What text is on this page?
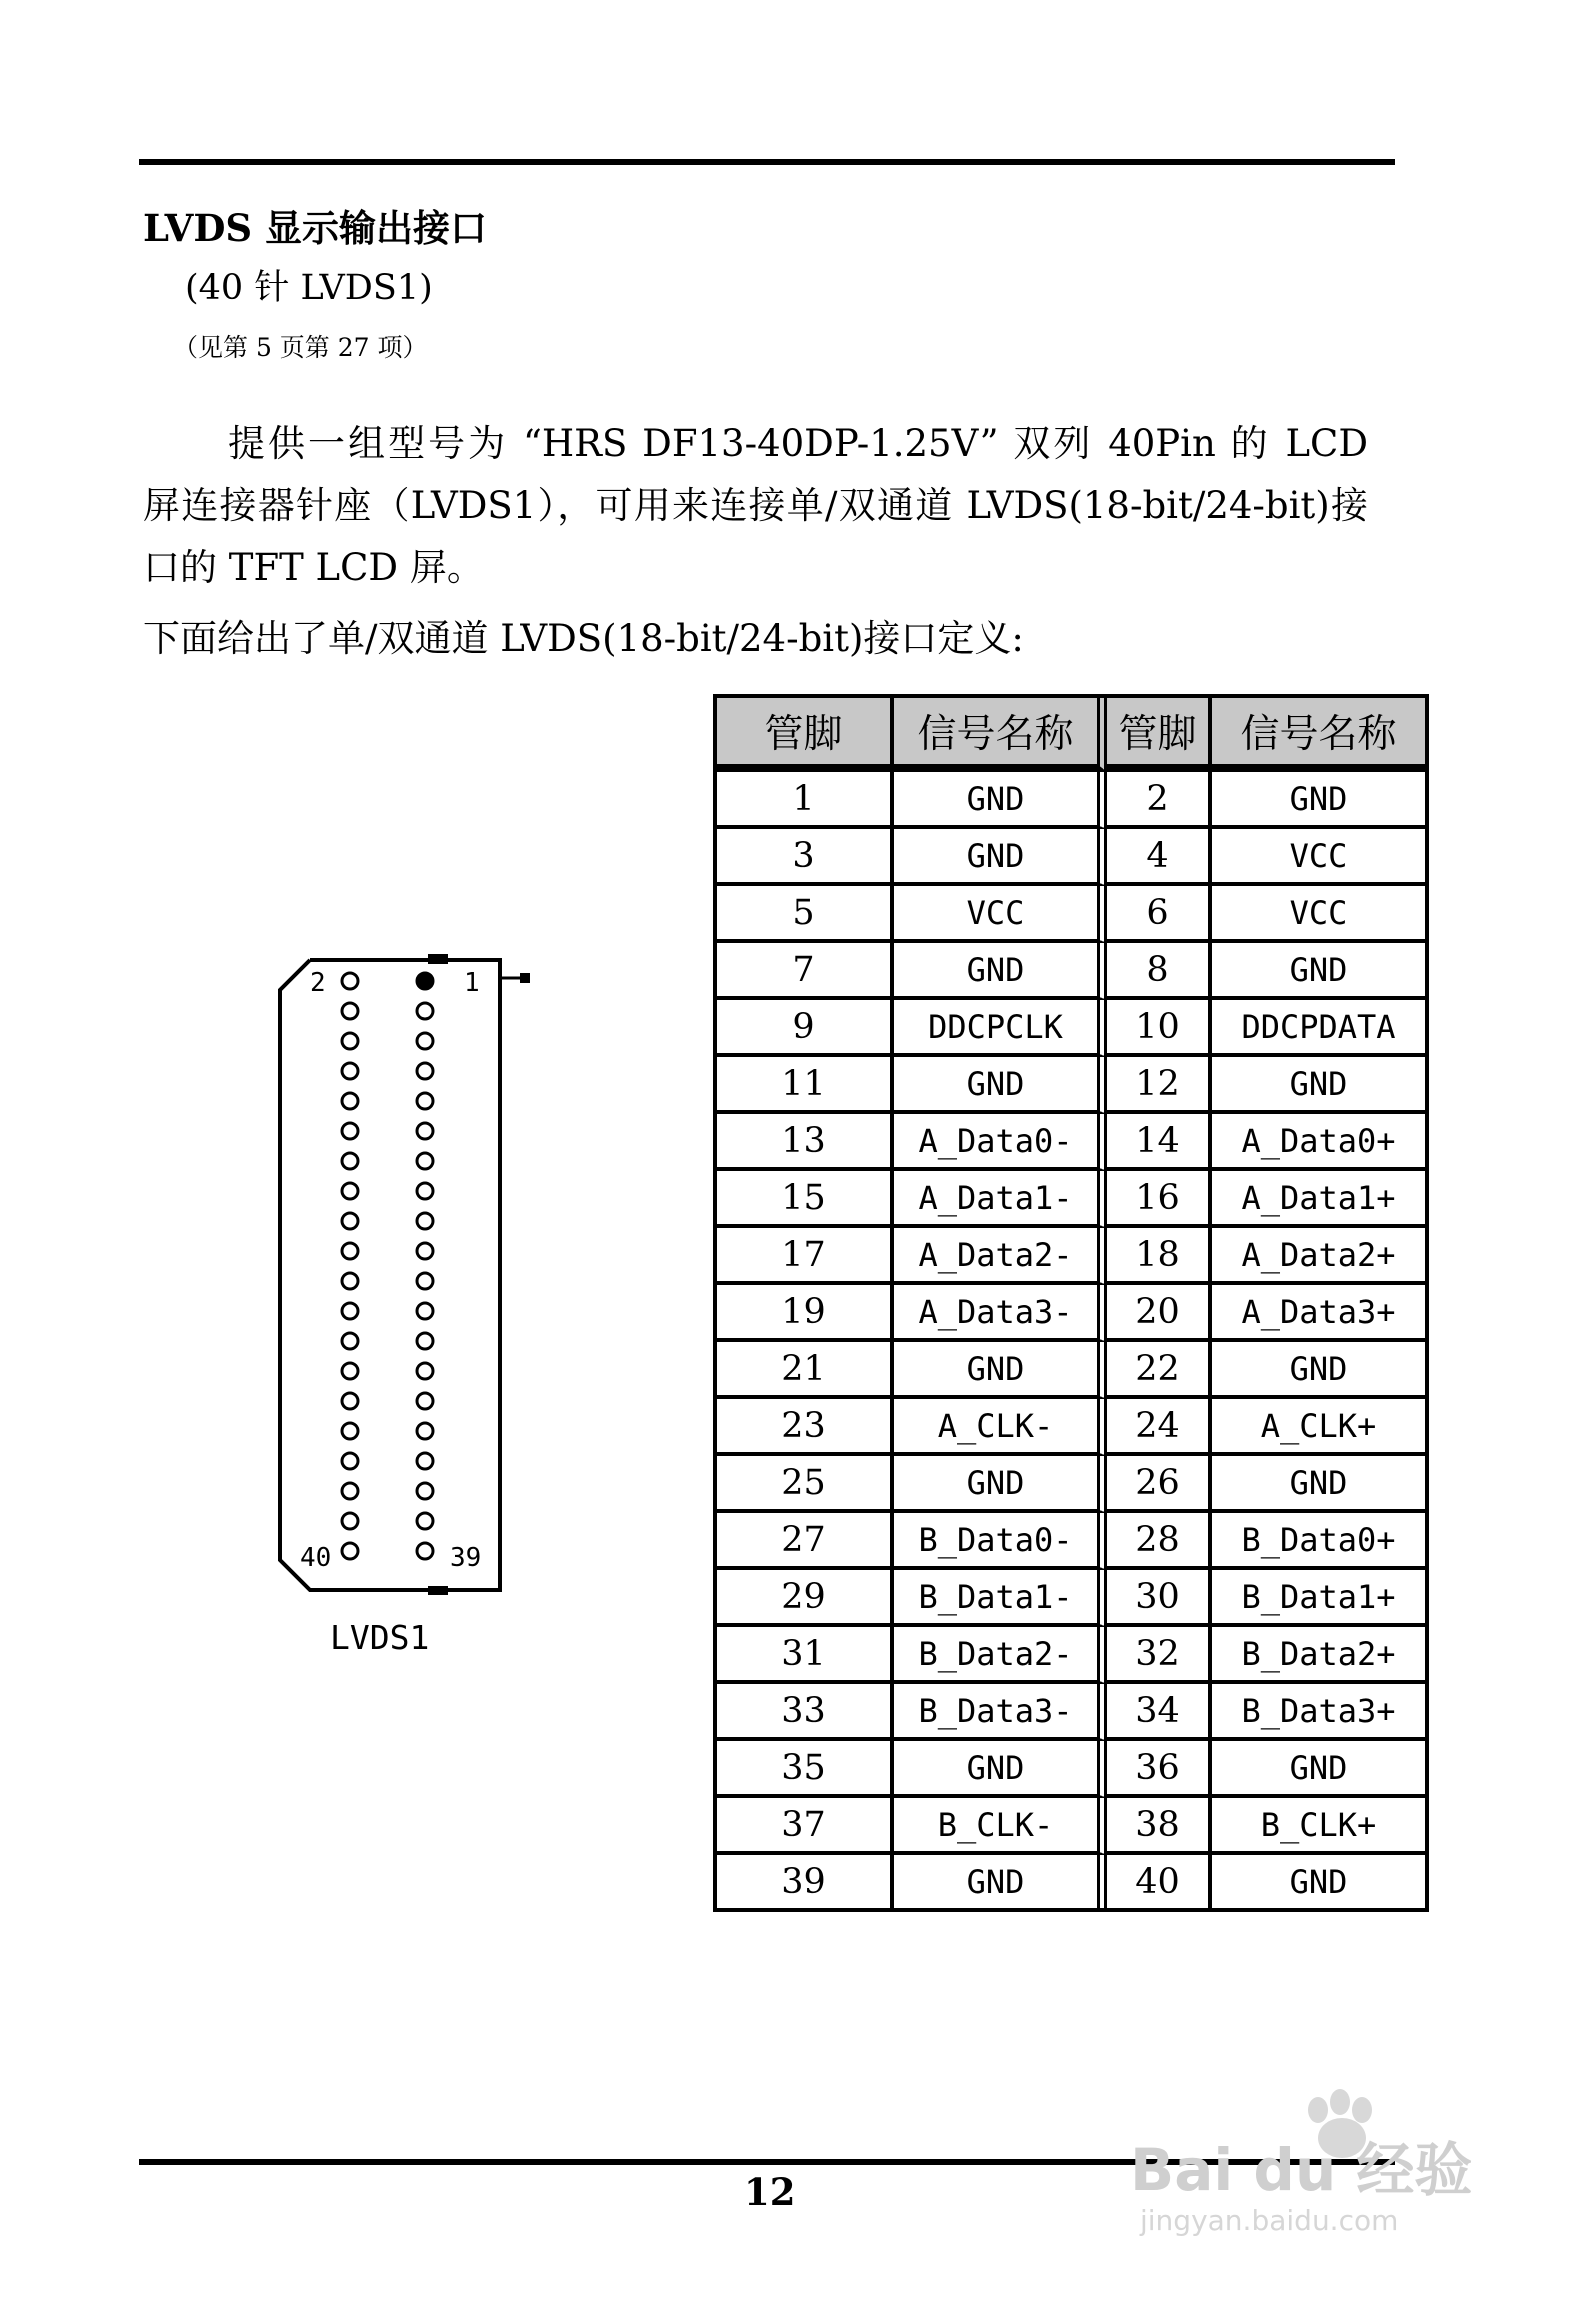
LVDS 显示输出接口
(40 针 LVDS1)
（见第 5 页第 27 项）

提供一组型号为 “HRS DF13-40DP-1.25V” 双列 40Pin 的 LCD 屏连接器针座（LVDS1），可用来连接单/双通道 LVDS(18-bit/24-bit)接口的 TFT LCD 屏。

下面给出了单/双通道 LVDS(18-bit/24-bit)接口定义:

2	1
40	39
LVDS1
管脚	信号名称	管脚	信号名称
1	GND	2	GND
3	GND	4	VCC
5	VCC	6	VCC
7	GND	8	GND
9	DDCPCLK	10	DDCPDATA
11	GND	12	GND
13	A_Data0-	14	A_Data0+
15	A_Data1-	16	A_Data1+
17	A_Data2-	18	A_Data2+
19	A_Data3-	20	A_Data3+
21	GND	22	GND
23	A_CLK-	24	A_CLK+
25	GND	26	GND
27	B_Data0-	28	B_Data0+
29	B_Data1-	30	B_Data1+
31	B_Data2-	32	B_Data2+
33	B_Data3-	34	B_Data3+
35	GND	36	GND
37	B_CLK-	38	B_CLK+
39	GND	40	GND
12	Bai du 经验
jingyan.baidu.com
